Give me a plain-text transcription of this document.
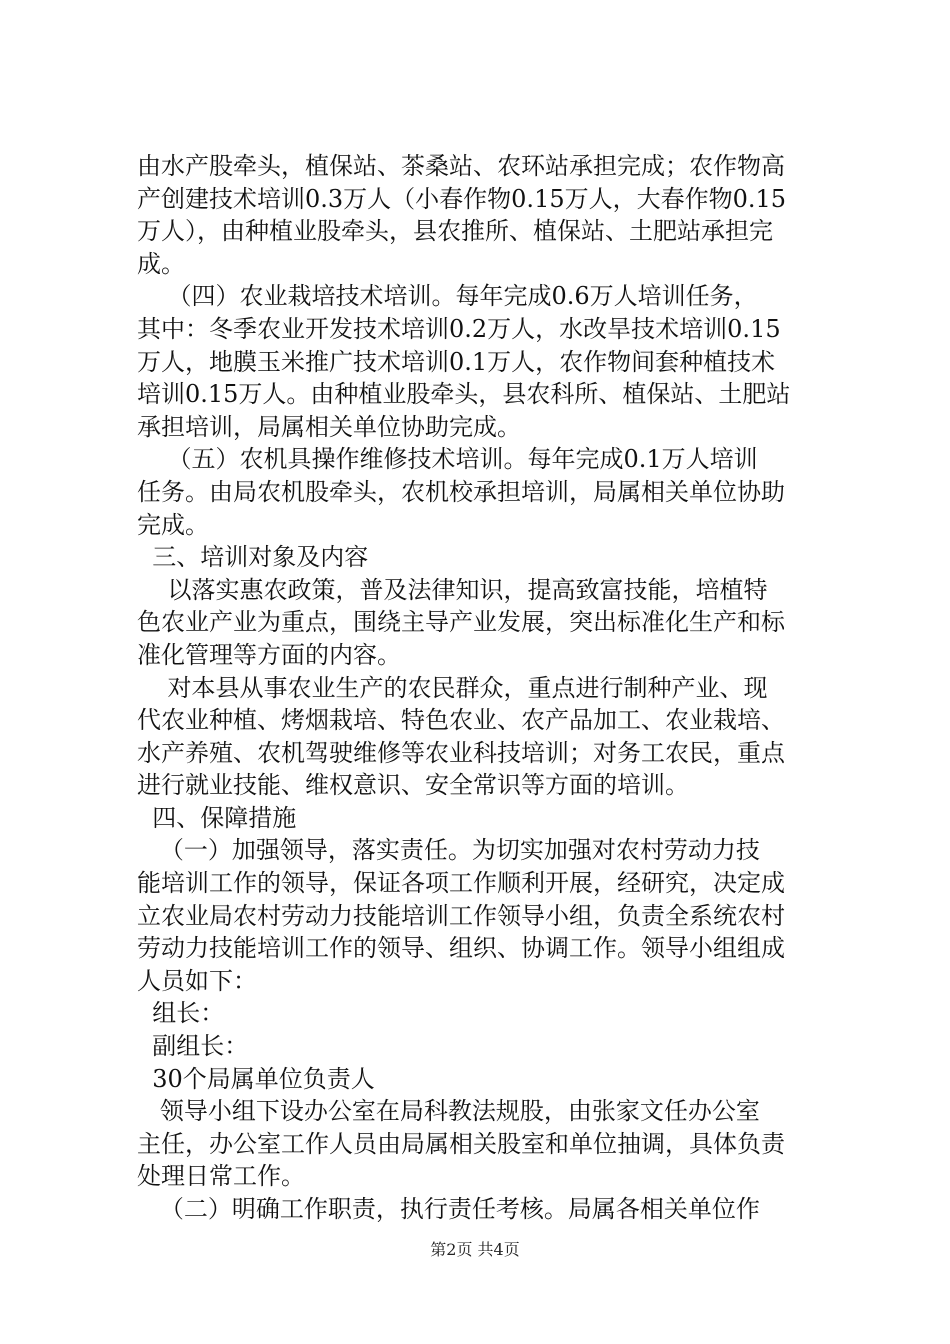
由水产股牵头，植保站、茶桑站、农环站承担完成；农作物高
产创建技术培训0.3万人（小春作物0.15万人，大春作物0.15
万人），由种植业股牵头，县农推所、植保站、土肥站承担完
成。
（四）农业栽培技术培训。每年完成0.6万人培训任务，
其中：冬季农业开发技术培训0.2万人，水改旱技术培训0.15
万人，地膜玉米推广技术培训0.1万人，农作物间套种植技术
培训0.15万人。由种植业股牵头，县农科所、植保站、土肥站
承担培训，局属相关单位协助完成。
（五）农机具操作维修技术培训。每年完成0.1万人培训
任务。由局农机股牵头，农机校承担培训，局属相关单位协助
完成。
三、培训对象及内容
以落实惠农政策，普及法律知识，提高致富技能，培植特
色农业产业为重点，围绕主导产业发展，突出标准化生产和标
准化管理等方面的内容。
对本县从事农业生产的农民群众，重点进行制种产业、现
代农业种植、烤烟栽培、特色农业、农产品加工、农业栽培、
水产养殖、农机驾驶维修等农业科技培训；对务工农民，重点
进行就业技能、维权意识、安全常识等方面的培训。
四、保障措施
（一）加强领导，落实责任。为切实加强对农村劳动力技
能培训工作的领导，保证各项工作顺利开展，经研究，决定成
立农业局农村劳动力技能培训工作领导小组，负责全系统农村
劳动力技能培训工作的领导、组织、协调工作。领导小组组成
人员如下：
组长：
副组长：
30个局属单位负责人
领导小组下设办公室在局科教法规股，由张家文任办公室
主任，办公室工作人员由局属相关股室和单位抽调，具体负责
处理日常工作。
（二）明确工作职责，执行责任考核。局属各相关单位作
第2页 共4页
